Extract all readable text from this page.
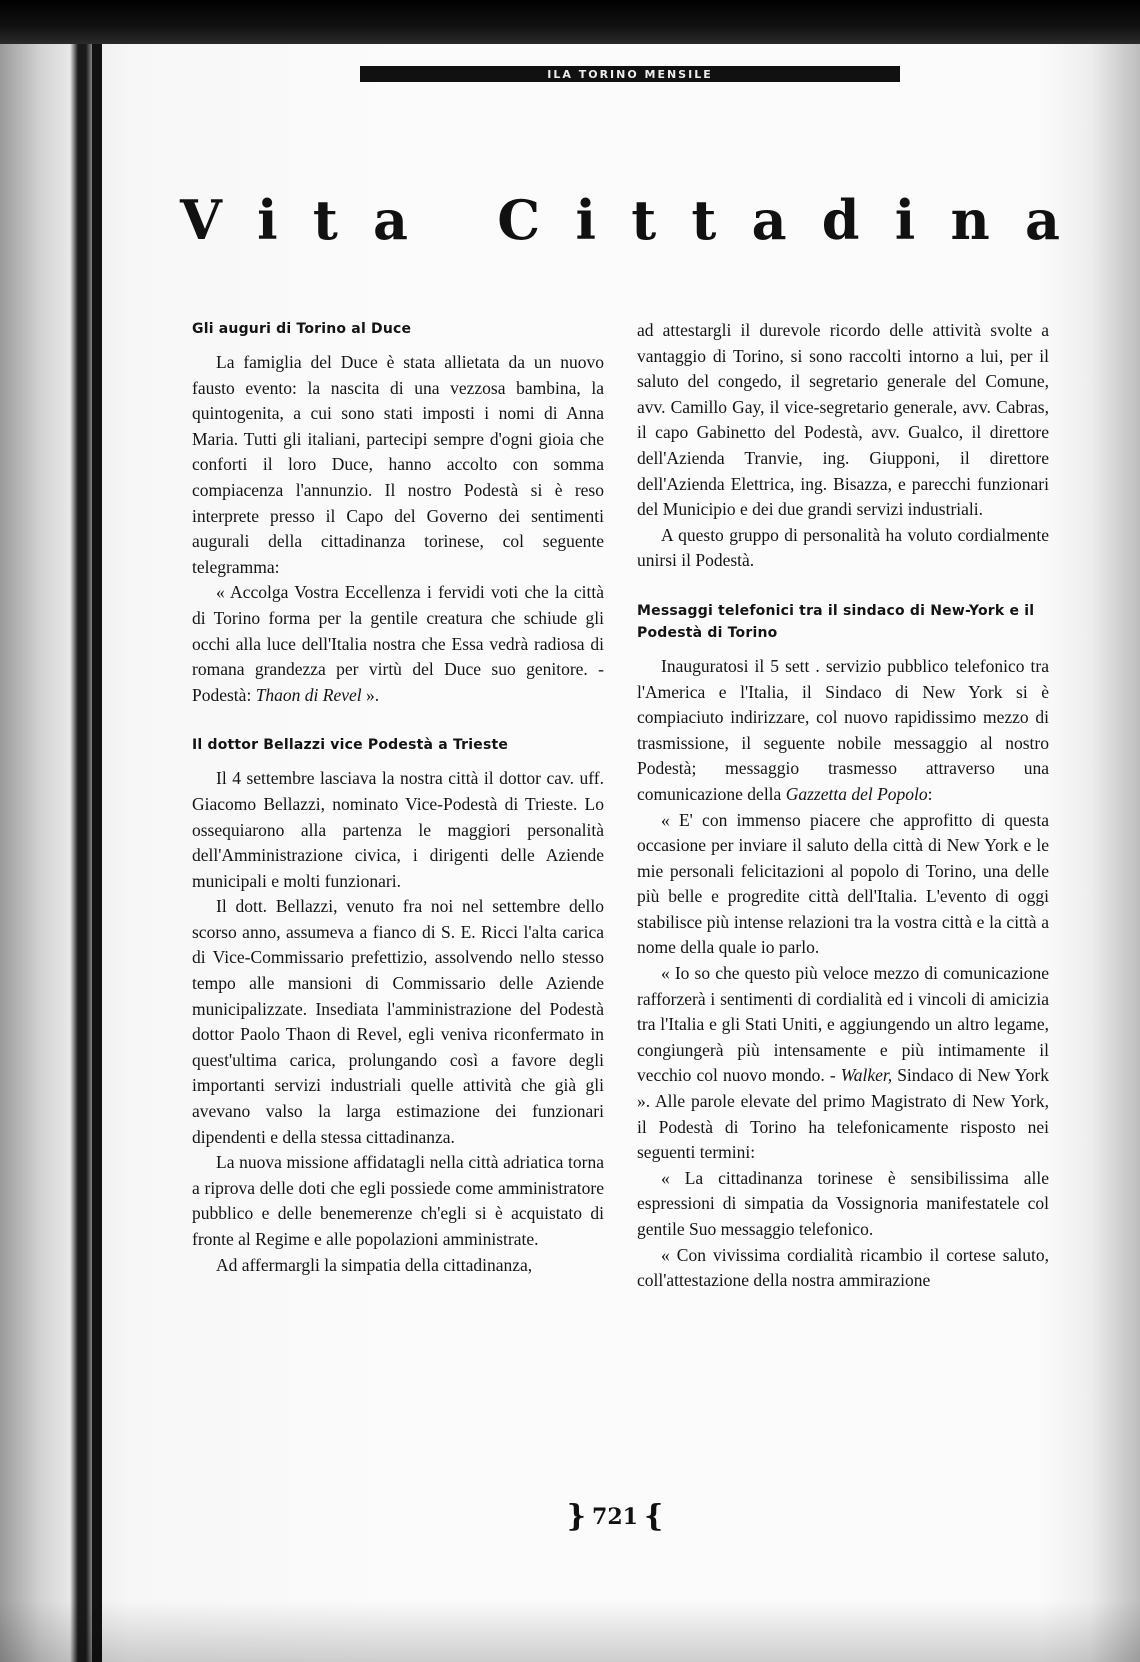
ILA TORINO MENSILE
V i t a
C i t t a d i n a
Gli auguri di Torino al Duce

La famiglia del Duce è stata allietata da un nuovo fausto evento: la nascita di una vezzosa bambina, la quintogenita, a cui sono stati imposti i nomi di Anna Maria. Tutti gli italiani, partecipi sempre d'ogni gioia che conforti il loro Duce, hanno accolto con somma compiacenza l'annunzio. Il nostro Podestà si è reso interprete presso il Capo del Governo dei sentimenti augurali della cittadinanza torinese, col seguente telegramma:

« Accolga Vostra Eccellenza i fervidi voti che la città di Torino forma per la gentile creatura che schiude gli occhi alla luce dell'Italia nostra che Essa vedrà radiosa di romana grandezza per virtù del Duce suo genitore. - Podestà: Thaon di Revel ».

Il dottor Bellazzi vice Podestà a Trieste

Il 4 settembre lasciava la nostra città il dottor cav. uff. Giacomo Bellazzi, nominato Vice-Podestà di Trieste. Lo ossequiarono alla partenza le maggiori personalità dell'Amministrazione civica, i dirigenti delle Aziende municipali e molti funzionari.

Il dott. Bellazzi, venuto fra noi nel settembre dello scorso anno, assumeva a fianco di S. E. Ricci l'alta carica di Vice-Commissario prefettizio, assolvendo nello stesso tempo alle mansioni di Commissario delle Aziende municipalizzate. Insediata l'amministrazione del Podestà dottor Paolo Thaon di Revel, egli veniva riconfermato in quest'ultima carica, prolungando così a favore degli importanti servizi industriali quelle attività che già gli avevano valso la larga estimazione dei funzionari dipendenti e della stessa cittadinanza.

La nuova missione affidatagli nella città adriatica torna a riprova delle doti che egli possiede come amministratore pubblico e delle benemerenze ch'egli si è acquistato di fronte al Regime e alle popolazioni amministrate.

Ad affermargli la simpatia della cittadinanza,

ad attestargli il durevole ricordo delle attività svolte a vantaggio di Torino, si sono raccolti intorno a lui, per il saluto del congedo, il segretario generale del Comune, avv. Camillo Gay, il vice-segretario generale, avv. Cabras, il capo Gabinetto del Podestà, avv. Gualco, il direttore dell'Azienda Tranvie, ing. Giupponi, il direttore dell'Azienda Elettrica, ing. Bisazza, e parecchi funzionari del Municipio e dei due grandi servizi industriali.

A questo gruppo di personalità ha voluto cordialmente unirsi il Podestà.

Messaggi telefonici tra il sindaco di New-York e il Podestà di Torino

Inauguratosi il 5 sett . servizio pubblico telefonico tra l'America e l'Italia, il Sindaco di New York si è compiaciuto indirizzare, col nuovo rapidissimo mezzo di trasmissione, il seguente nobile messaggio al nostro Podestà; messaggio trasmesso attraverso una comunicazione della Gazzetta del Popolo:

« E' con immenso piacere che approfitto di questa occasione per inviare il saluto della città di New York e le mie personali felicitazioni al popolo di Torino, una delle più belle e progredite città dell'Italia. L'evento di oggi stabilisce più intense relazioni tra la vostra città e la città a nome della quale io parlo.

« Io so che questo più veloce mezzo di comunicazione rafforzerà i sentimenti di cordialità ed i vincoli di amicizia tra l'Italia e gli Stati Uniti, e aggiungendo un altro legame, congiungerà più intensamente e più intimamente il vecchio col nuovo mondo. - Walker, Sindaco di New York ». Alle parole elevate del primo Magistrato di New York, il Podestà di Torino ha telefonicamente risposto nei seguenti termini:

« La cittadinanza torinese è sensibilissima alle espressioni di simpatia da Vossignoria manifestatele col gentile Suo messaggio telefonico.

« Con vivissima cordialità ricambio il cortese saluto, coll'attestazione della nostra ammirazione

} 721 {
